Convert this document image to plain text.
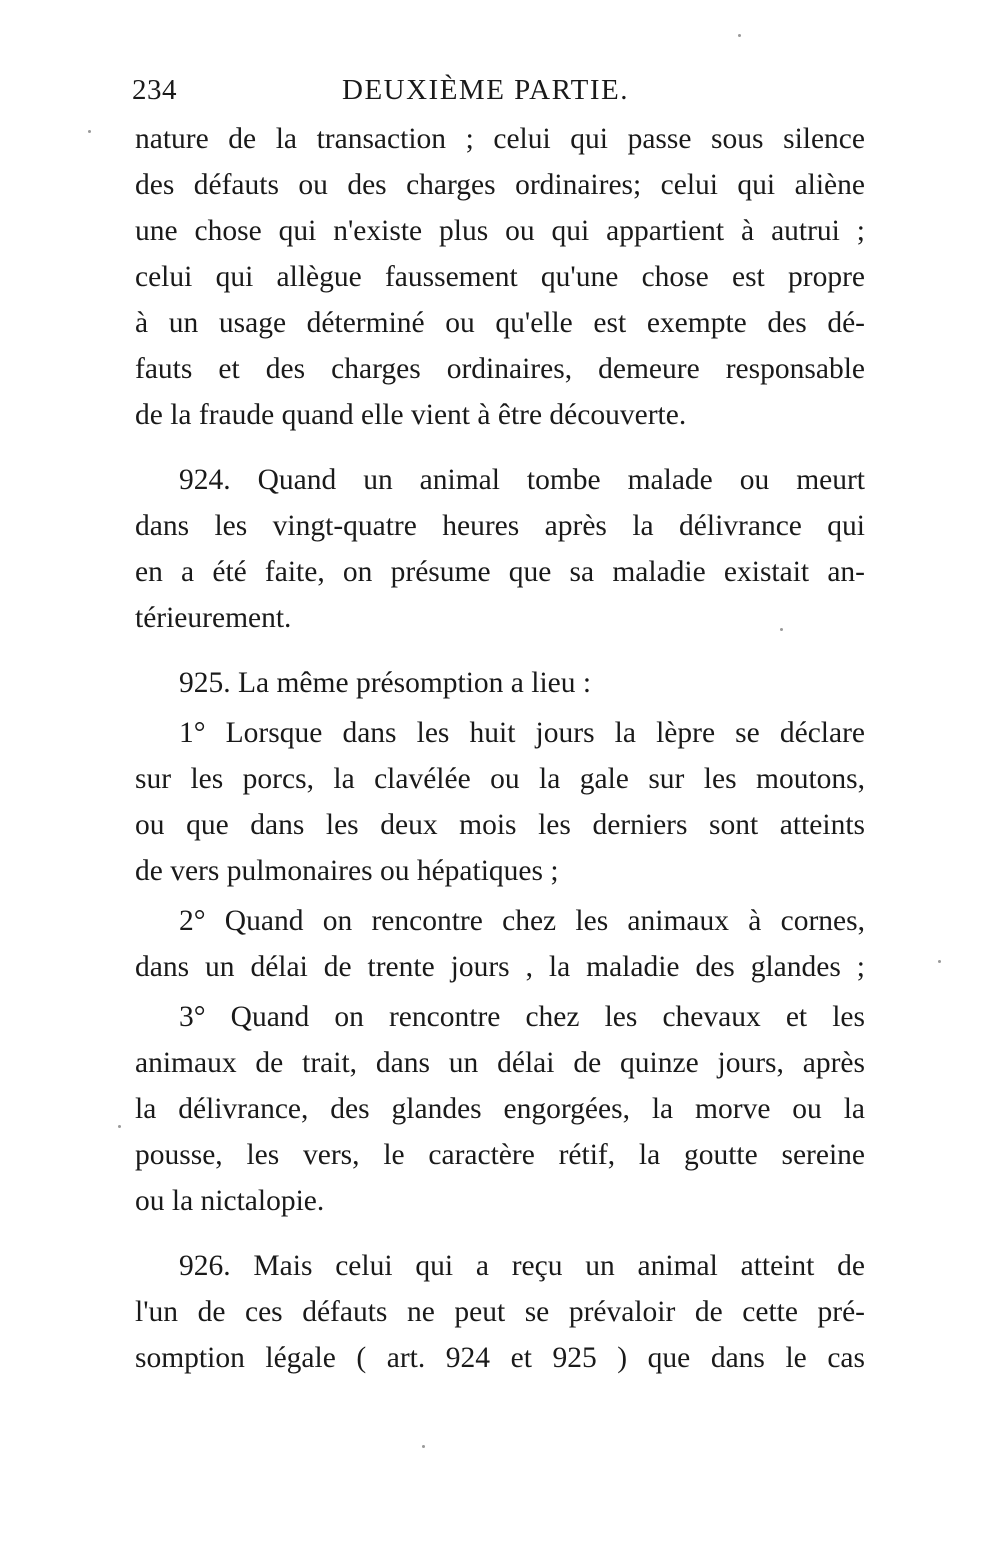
234	DEUXIÈME PARTIE.

nature de la transaction ; celui qui passe sous silence
des défauts ou des charges ordinaires; celui qui aliène
une chose qui n'existe plus ou qui appartient à autrui ;
celui qui allègue faussement qu'une chose est propre
à un usage déterminé ou qu'elle est exempte des dé-
fauts et des charges ordinaires, demeure responsable
de la fraude quand elle vient à être découverte.

924. Quand un animal tombe malade ou meurt
dans les vingt-quatre heures après la délivrance qui
en a été faite, on présume que sa maladie existait an-
térieurement.

925. La même présomption a lieu :

1° Lorsque dans les huit jours la lèpre se déclare
sur les porcs, la clavélée ou la gale sur les moutons,
ou que dans les deux mois les derniers sont atteints
de vers pulmonaires ou hépatiques ;

2° Quand on rencontre chez les animaux à cornes,
dans un délai de trente jours , la maladie des glandes ;

3° Quand on rencontre chez les chevaux et les
animaux de trait, dans un délai de quinze jours, après
la délivrance, des glandes engorgées, la morve ou la
pousse, les vers, le caractère rétif, la goutte sereine
ou la nictalopie.

926. Mais celui qui a reçu un animal atteint de
l'un de ces défauts ne peut se prévaloir de cette pré-
somption légale ( art. 924 et 925 ) que dans le cas
